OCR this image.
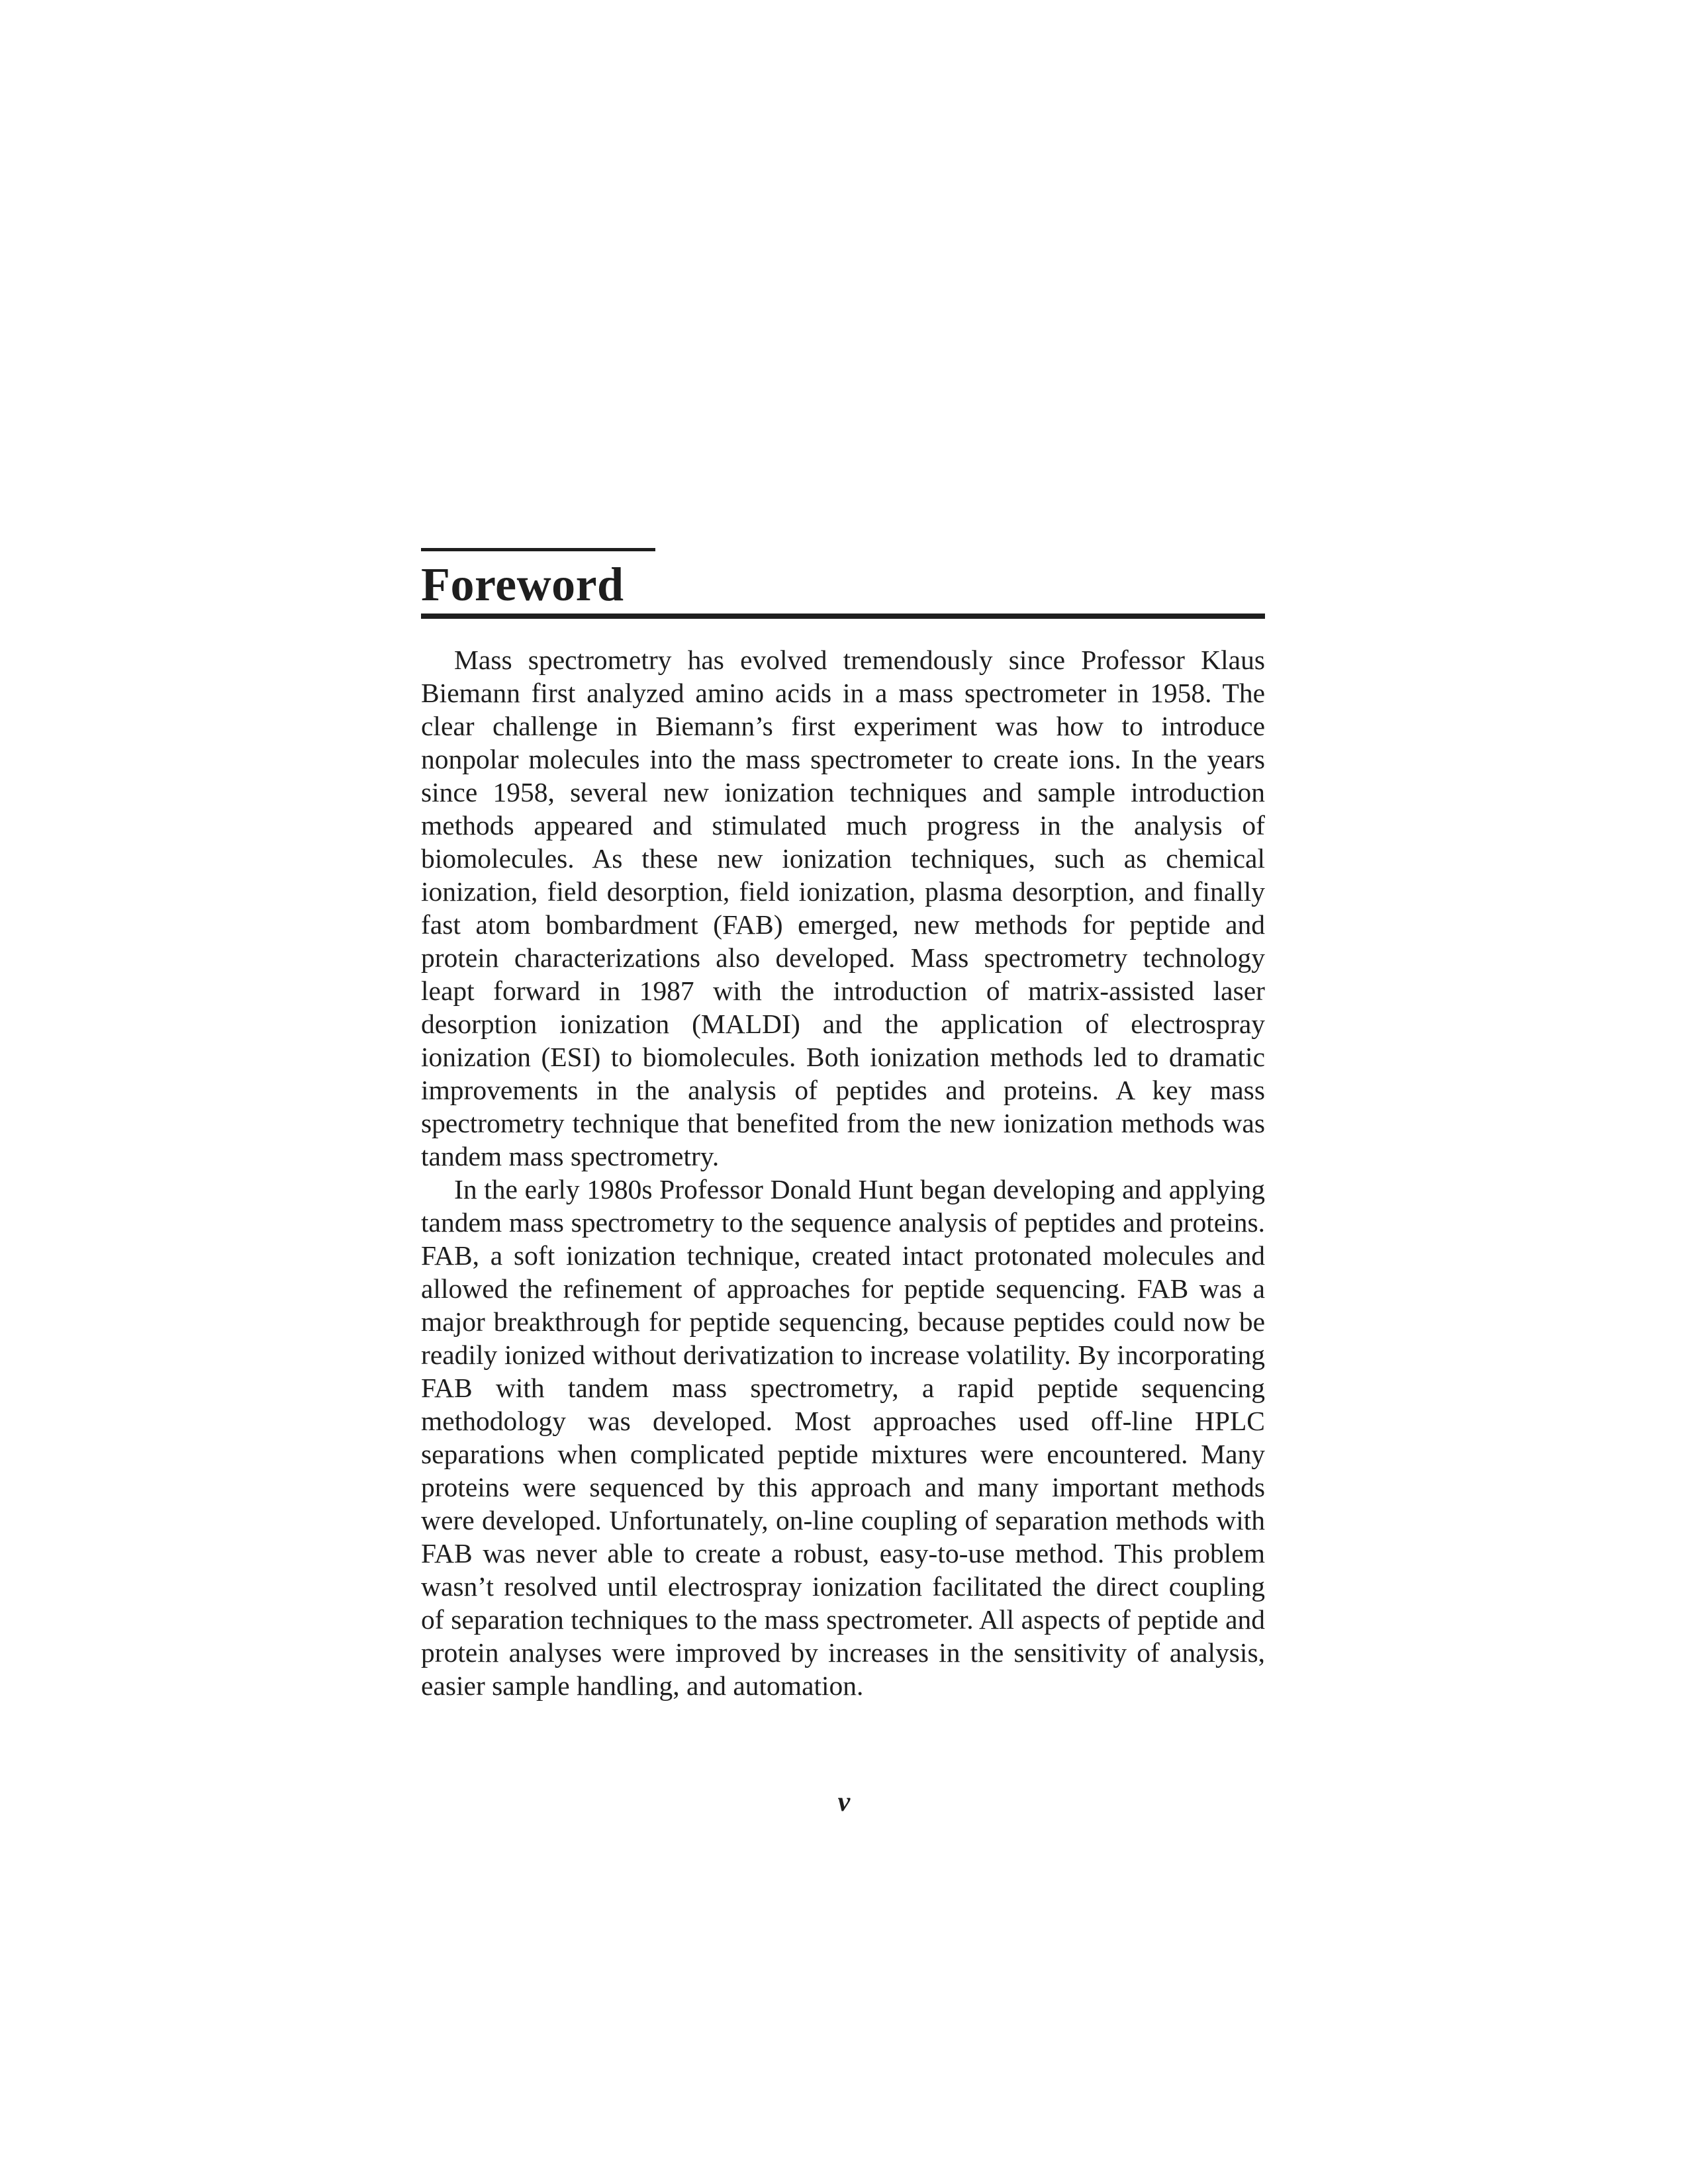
Foreword

Mass spectrometry has evolved tremendously since Professor Klaus Biemann first analyzed amino acids in a mass spectrometer in 1958. The clear challenge in Biemann’s first experiment was how to introduce nonpolar molecules into the mass spectrometer to create ions. In the years since 1958, several new ionization techniques and sample introduction methods appeared and stimulated much progress in the analysis of biomolecules. As these new ionization techniques, such as chemical ionization, field desorption, field ionization, plasma desorption, and finally fast atom bombardment (FAB) emerged, new methods for peptide and protein characterizations also developed. Mass spectrometry technology leapt forward in 1987 with the introduction of matrix-assisted laser desorption ionization (MALDI) and the application of electrospray ionization (ESI) to biomolecules. Both ionization methods led to dramatic improvements in the analysis of peptides and proteins. A key mass spectrometry technique that benefited from the new ionization methods was tandem mass spectrometry.

In the early 1980s Professor Donald Hunt began developing and applying tandem mass spectrometry to the sequence analysis of peptides and proteins. FAB, a soft ionization technique, created intact protonated molecules and allowed the refinement of approaches for peptide sequencing. FAB was a major breakthrough for peptide sequencing, because peptides could now be readily ionized without derivatization to increase volatility. By incorporating FAB with tandem mass spectrometry, a rapid peptide sequencing methodology was developed. Most approaches used off-line HPLC separations when complicated peptide mixtures were encountered. Many proteins were sequenced by this approach and many important methods were developed. Unfortunately, on-line coupling of separation methods with FAB was never able to create a robust, easy-to-use method. This problem wasn’t resolved until electrospray ionization facilitated the direct coupling of separation techniques to the mass spectrometer. All aspects of peptide and protein analyses were improved by increases in the sensitivity of analysis, easier sample handling, and automation.

v
